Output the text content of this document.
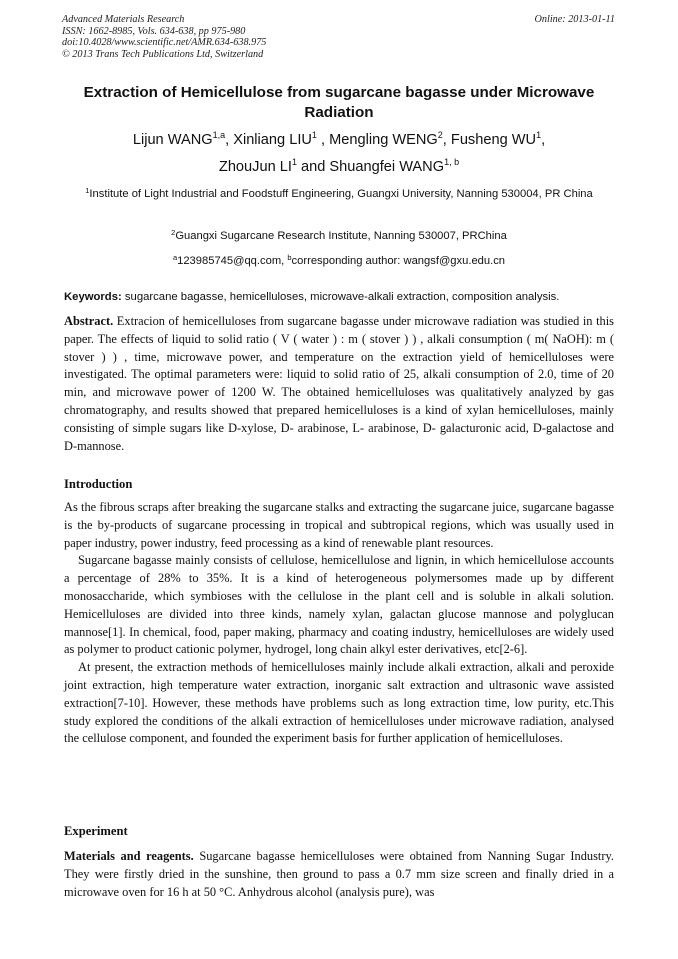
Advanced Materials Research
ISSN: 1662-8985, Vols. 634-638, pp 975-980
doi:10.4028/www.scientific.net/AMR.634-638.975
© 2013 Trans Tech Publications Ltd, Switzerland
Online: 2013-01-11
Extraction of Hemicellulose from sugarcane bagasse under Microwave Radiation
Lijun WANG$^{1,a}$, Xinliang LIU$^1$ , Mengling WENG$^2$, Fusheng $WU^1$,
ZhouJun $LI^1$ and Shuangfei WANG$^{1, b}$
$^1$Institute of Light Industrial and Foodstuff Engineering, Guangxi University, Nanning 530004, PR China
$^2$Guangxi Sugarcane Research Institute, Nanning 530007, PRChina
$^a$123985745@qq.com, $^b$corresponding author: wangsf@gxu.edu.cn
Keywords: sugarcane bagasse, hemicelluloses, microwave-alkali extraction, composition analysis.

Abstract. Extracion of hemicelluloses from sugarcane bagasse under microwave radiation was studied in this paper. The effects of liquid to solid ratio ( V ( water ) : m ( stover ) ) , alkali consumption ( m( NaOH): m ( stover ) ) , time, microwave power, and temperature on the extraction yield of hemicelluloses were investigated. The optimal parameters were: liquid to solid ratio of 25, alkali consumption of 2.0, time of 20 min, and microwave power of 1200 W. The obtained hemicelluloses was qualitatively analyzed by gas chromatography, and results showed that prepared hemicelluloses is a kind of xylan hemicelluloses, mainly consisting of simple sugars like D-xylose, D- arabinose, L- arabinose, D- galacturonic acid, D-galactose and D-mannose.

Introduction

As the fibrous scraps after breaking the sugarcane stalks and extracting the sugarcane juice, sugarcane bagasse is the by-products of sugarcane processing in tropical and subtropical regions, which was usually used in paper industry, power industry, feed processing as a kind of renewable plant resources.

Sugarcane bagasse mainly consists of cellulose, hemicellulose and lignin, in which hemicellulose accounts a percentage of 28% to 35%. It is a kind of heterogeneous polymersomes made up by different monosaccharide, which symbioses with the cellulose in the plant cell and is soluble in alkali solution. Hemicelluloses are divided into three kinds, namely xylan, galactan glucose mannose and polyglucan mannose[1]. In chemical, food, paper making, pharmacy and coating industry, hemicelluloses are widely used as polymer to product cationic polymer, hydrogel, long chain alkyl ester derivatives, etc[2-6].

At present, the extraction methods of hemicelluloses mainly include alkali extraction, alkali and peroxide joint extraction, high temperature water extraction, inorganic salt extraction and ultrasonic wave assisted extraction[7-10]. However, these methods have problems such as long extraction time, low purity, etc.This study explored the conditions of the alkali extraction of hemicelluloses under microwave radiation, analysed the cellulose component, and founded the experiment basis for further application of hemicelluloses.

Experiment

Materials and reagents. Sugarcane bagasse hemicelluloses were obtained from Nanning Sugar Industry. They were firstly dried in the sunshine, then ground to pass a 0.7 mm size screen and finally dried in a microwave oven for 16 h at 50 °C. Anhydrous alcohol (analysis pure), was
